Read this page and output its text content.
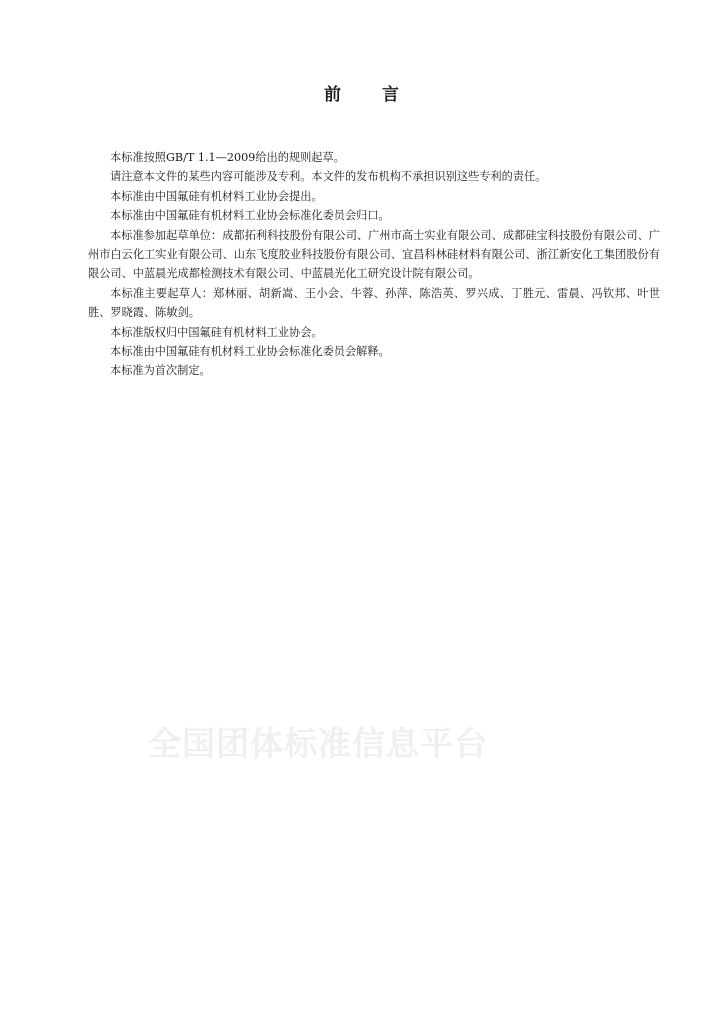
前 言

本标准按照GB/T 1.1—2009给出的规则起草。

请注意本文件的某些内容可能涉及专利。本文件的发布机构不承担识别这些专利的责任。

本标准由中国氟硅有机材料工业协会提出。

本标准由中国氟硅有机材料工业协会标准化委员会归口。

本标准参加起草单位：成都拓利科技股份有限公司、广州市高士实业有限公司、成都硅宝科技股份有限公司、广州市白云化工实业有限公司、山东飞度胶业科技股份有限公司、宜昌科林硅材料有限公司、浙江新安化工集团股份有限公司、中蓝晨光成都检测技术有限公司、中蓝晨光化工研究设计院有限公司。

本标准主要起草人：郑林丽、胡新嵩、王小会、牛蓉、孙萍、陈浩英、罗兴成、丁胜元、雷晨、冯钦邦、叶世胜、罗晓霞、陈敏剑。

本标准版权归中国氟硅有机材料工业协会。

本标准由中国氟硅有机材料工业协会标准化委员会解释。

本标准为首次制定。

全国团体标准信息平台
